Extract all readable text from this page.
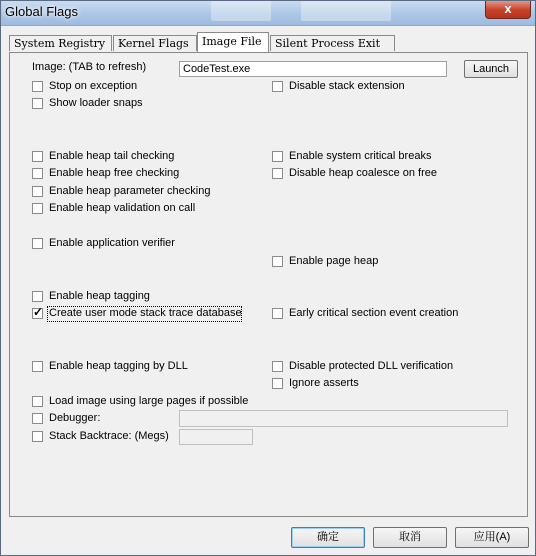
Global Flags	x
System Registry	Kernel Flags	Image File	Silent Process Exit
Image: (TAB to refresh)	CodeTest.exe	Launch
Stop on exception
Show loader snaps
Enable heap tail checking
Enable heap free checking
Enable heap parameter checking
Enable heap validation on call
Enable application verifier
Enable heap tagging
✓ Create user mode stack trace database
Enable heap tagging by DLL
Load image using large pages if possible
Debugger:
Stack Backtrace: (Megs)
Disable stack extension
Enable system critical breaks
Disable heap coalesce on free
Enable page heap
Early critical section event creation
Disable protected DLL verification
Ignore asserts
确定	取消	应用(A)
